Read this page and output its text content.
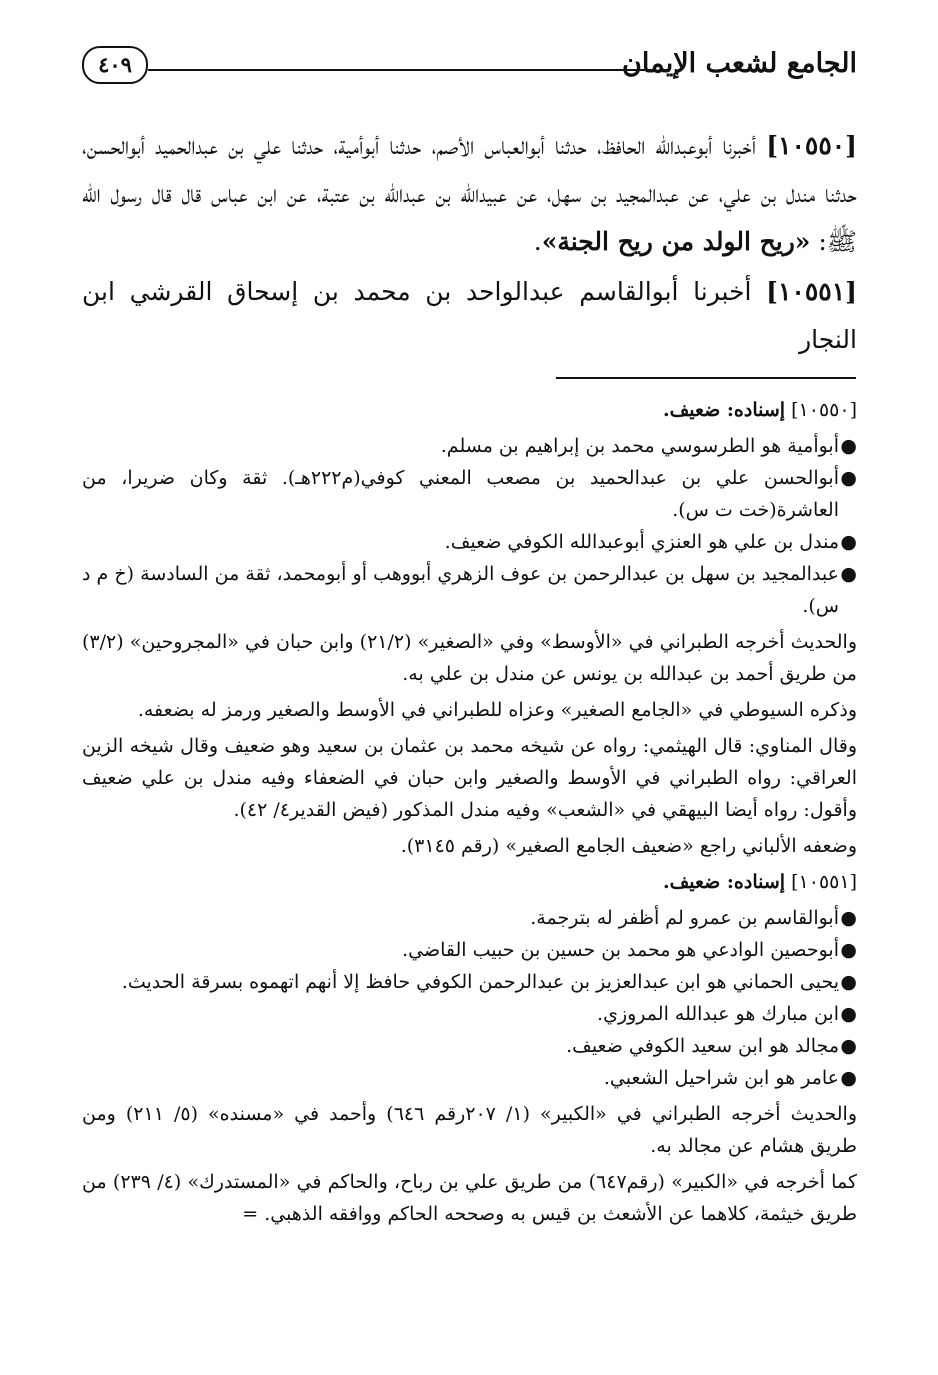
الجامع لشعب الإيمان
٤٠٩

[١٠٥٥٠] أخبرنا أبوعبدالله الحافظ، حدثنا أبوالعباس الأصم، حدثنا أبوأمية، حدثنا علي بن عبدالحميد أبوالحسن، حدثنا مندل بن علي، عن عبدالمجيد بن سهل، عن عبيدالله بن عبدالله بن عتبة، عن ابن عباس قال قال رسول الله ﷺ: «ريح الولد من ريح الجنة».

[١٠٥٥١] أخبرنا أبوالقاسم عبدالواحد بن محمد بن إسحاق القرشي ابن النجار

[١٠٥٥٠] إسناده: ضعيف.

●
أبوأمية هو الطرسوسي محمد بن إبراهيم بن مسلم.
●
أبوالحسن علي بن عبدالحميد بن مصعب المعني كوفي(م٢٢٢هـ). ثقة وكان ضريرا، من العاشرة(خت ت س).
●
مندل بن علي هو العنزي أبوعبدالله الكوفي ضعيف.
●
عبدالمجيد بن سهل بن عبدالرحمن بن عوف الزهري أبووهب أو أبومحمد، ثقة من السادسة (خ م د س).

والحديث أخرجه الطبراني في «الأوسط» وفي «الصغير» (٢١/٢) وابن حبان في «المجروحين» (٣/٢) من طريق أحمد بن عبدالله بن يونس عن مندل بن علي به.

وذكره السيوطي في «الجامع الصغير» وعزاه للطبراني في الأوسط والصغير ورمز له بضعفه.

وقال المناوي: قال الهيثمي: رواه عن شيخه محمد بن عثمان بن سعيد وهو ضعيف وقال شيخه الزين العراقي: رواه الطبراني في الأوسط والصغير وابن حبان في الضعفاء وفيه مندل بن علي ضعيف وأقول: رواه أيضا البيهقي في «الشعب» وفيه مندل المذكور (فيض القدير٤/ ٤٢).

وضعفه الألباني راجع «ضعيف الجامع الصغير» (رقم ٣١٤٥).

[١٠٥٥١] إسناده: ضعيف.

●
أبوالقاسم بن عمرو لم أظفر له بترجمة.
●
أبوحصين الوادعي هو محمد بن حسين بن حبيب القاضي.
●
يحيى الحماني هو ابن عبدالعزيز بن عبدالرحمن الكوفي حافظ إلا أنهم اتهموه بسرقة الحديث.
●
ابن مبارك هو عبدالله المروزي.
●
مجالد هو ابن سعيد الكوفي ضعيف.
●
عامر هو ابن شراحيل الشعبي.

والحديث أخرجه الطبراني في «الكبير» (١/ ٢٠٧رقم ٦٤٦) وأحمد في «مسنده» (٥/ ٢١١) ومن طريق هشام عن مجالد به.

كما أخرجه في «الكبير» (رقم٦٤٧) من طريق علي بن رباح، والحاكم في «المستدرك» (٤/ ٢٣٩) من طريق خيثمة، كلاهما عن الأشعث بن قيس به وصححه الحاكم ووافقه الذهبي. =
